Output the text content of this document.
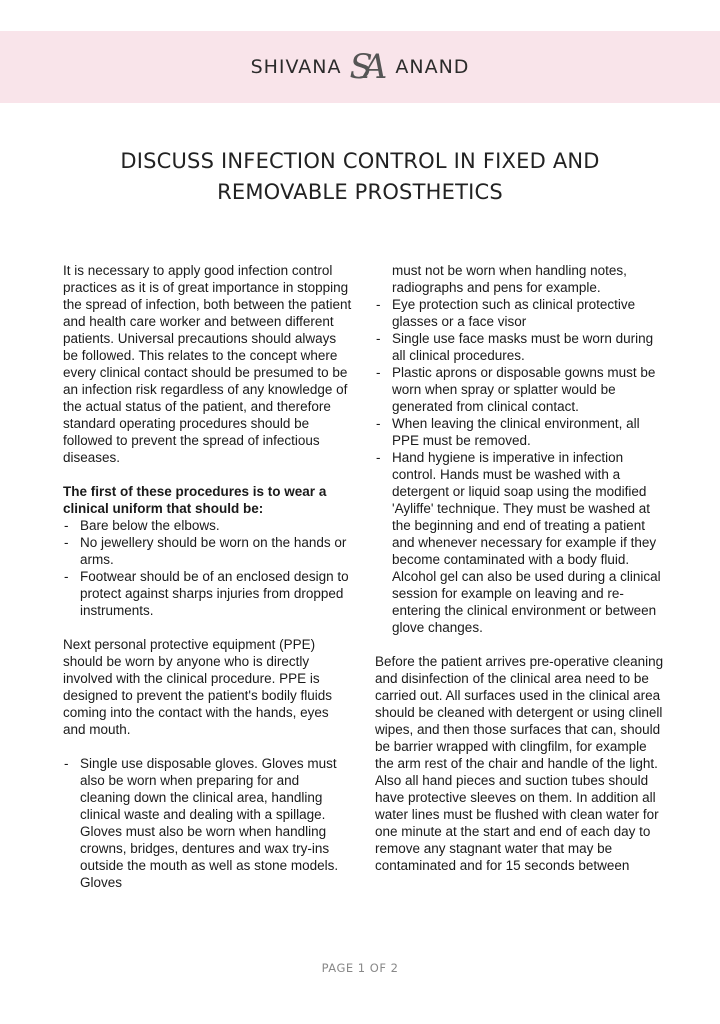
SHIVANA SA ANAND
DISCUSS INFECTION CONTROL IN FIXED AND
REMOVABLE PROSTHETICS

It is necessary to apply good infection control practices as it is of great importance in stopping the spread of infection, both between the patient and health care worker and between different patients. Universal precautions should always be followed. This relates to the concept where every clinical contact should be presumed to be an infection risk regardless of any knowledge of the actual status of the patient, and therefore standard operating procedures should be followed to prevent the spread of infectious diseases.

The first of these procedures is to wear a clinical uniform that should be:

- Bare below the elbows.
- No jewellery should be worn on the hands or arms.
- Footwear should be of an enclosed design to protect against sharps injuries from dropped instruments.

Next personal protective equipment (PPE) should be worn by anyone who is directly involved with the clinical procedure. PPE is designed to prevent the patient's bodily fluids coming into the contact with the hands, eyes and mouth.

- Single use disposable gloves. Gloves must also be worn when preparing for and cleaning down the clinical area, handling clinical waste and dealing with a spillage. Gloves must also be worn when handling crowns, bridges, dentures and wax try-ins outside the mouth as well as stone models. Gloves

must not be worn when handling notes, radiographs and pens for example.

- Eye protection such as clinical protective glasses or a face visor
- Single use face masks must be worn during all clinical procedures.
- Plastic aprons or disposable gowns must be worn when spray or splatter would be generated from clinical contact.
- When leaving the clinical environment, all PPE must be removed.
- Hand hygiene is imperative in infection control. Hands must be washed with a detergent or liquid soap using the modified 'Ayliffe' technique. They must be washed at the beginning and end of treating a patient and whenever necessary for example if they become contaminated with a body fluid. Alcohol gel can also be used during a clinical session for example on leaving and re-entering the clinical environment or between glove changes.

Before the patient arrives pre-operative cleaning and disinfection of the clinical area need to be carried out. All surfaces used in the clinical area should be cleaned with detergent or using clinell wipes, and then those surfaces that can, should be barrier wrapped with clingfilm, for example the arm rest of the chair and handle of the light. Also all hand pieces and suction tubes should have protective sleeves on them. In addition all water lines must be flushed with clean water for one minute at the start and end of each day to remove any stagnant water that may be contaminated and for 15 seconds between

PAGE 1 OF 2
